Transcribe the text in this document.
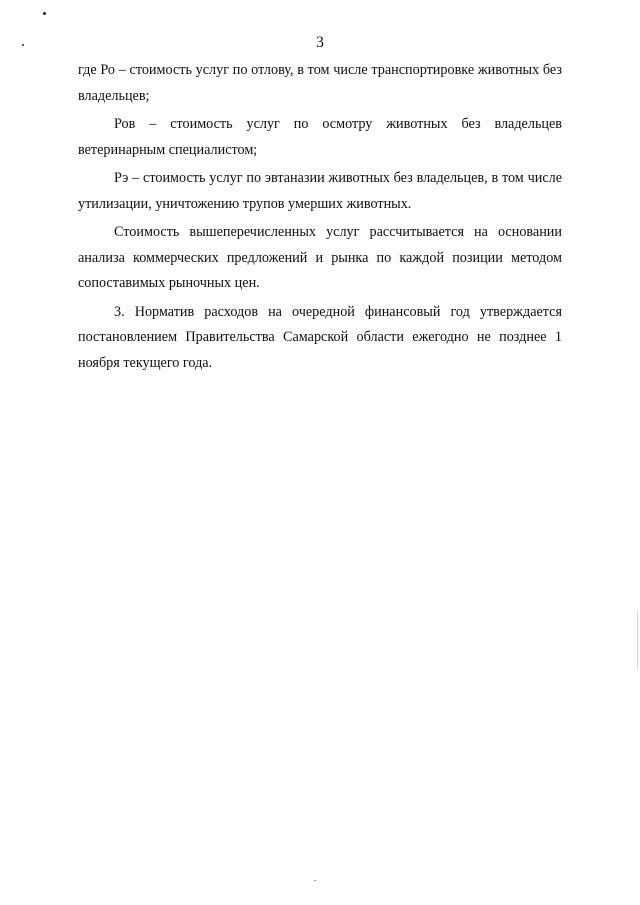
3

где Ро – стоимость услуг по отлову, в том числе транспортировке животных без владельцев;

Ров – стоимость услуг по осмотру животных без владельцев ветеринарным специалистом;

Рэ – стоимость услуг по эвтаназии животных без владельцев, в том числе утилизации, уничтожению трупов умерших животных.

Стоимость вышеперечисленных услуг рассчитывается на основании анализа коммерческих предложений и рынка по каждой позиции методом сопоставимых рыночных цен.

3. Норматив расходов на очередной финансовый год утверждается постановлением Правительства Самарской области ежегодно не позднее 1 ноября текущего года.
